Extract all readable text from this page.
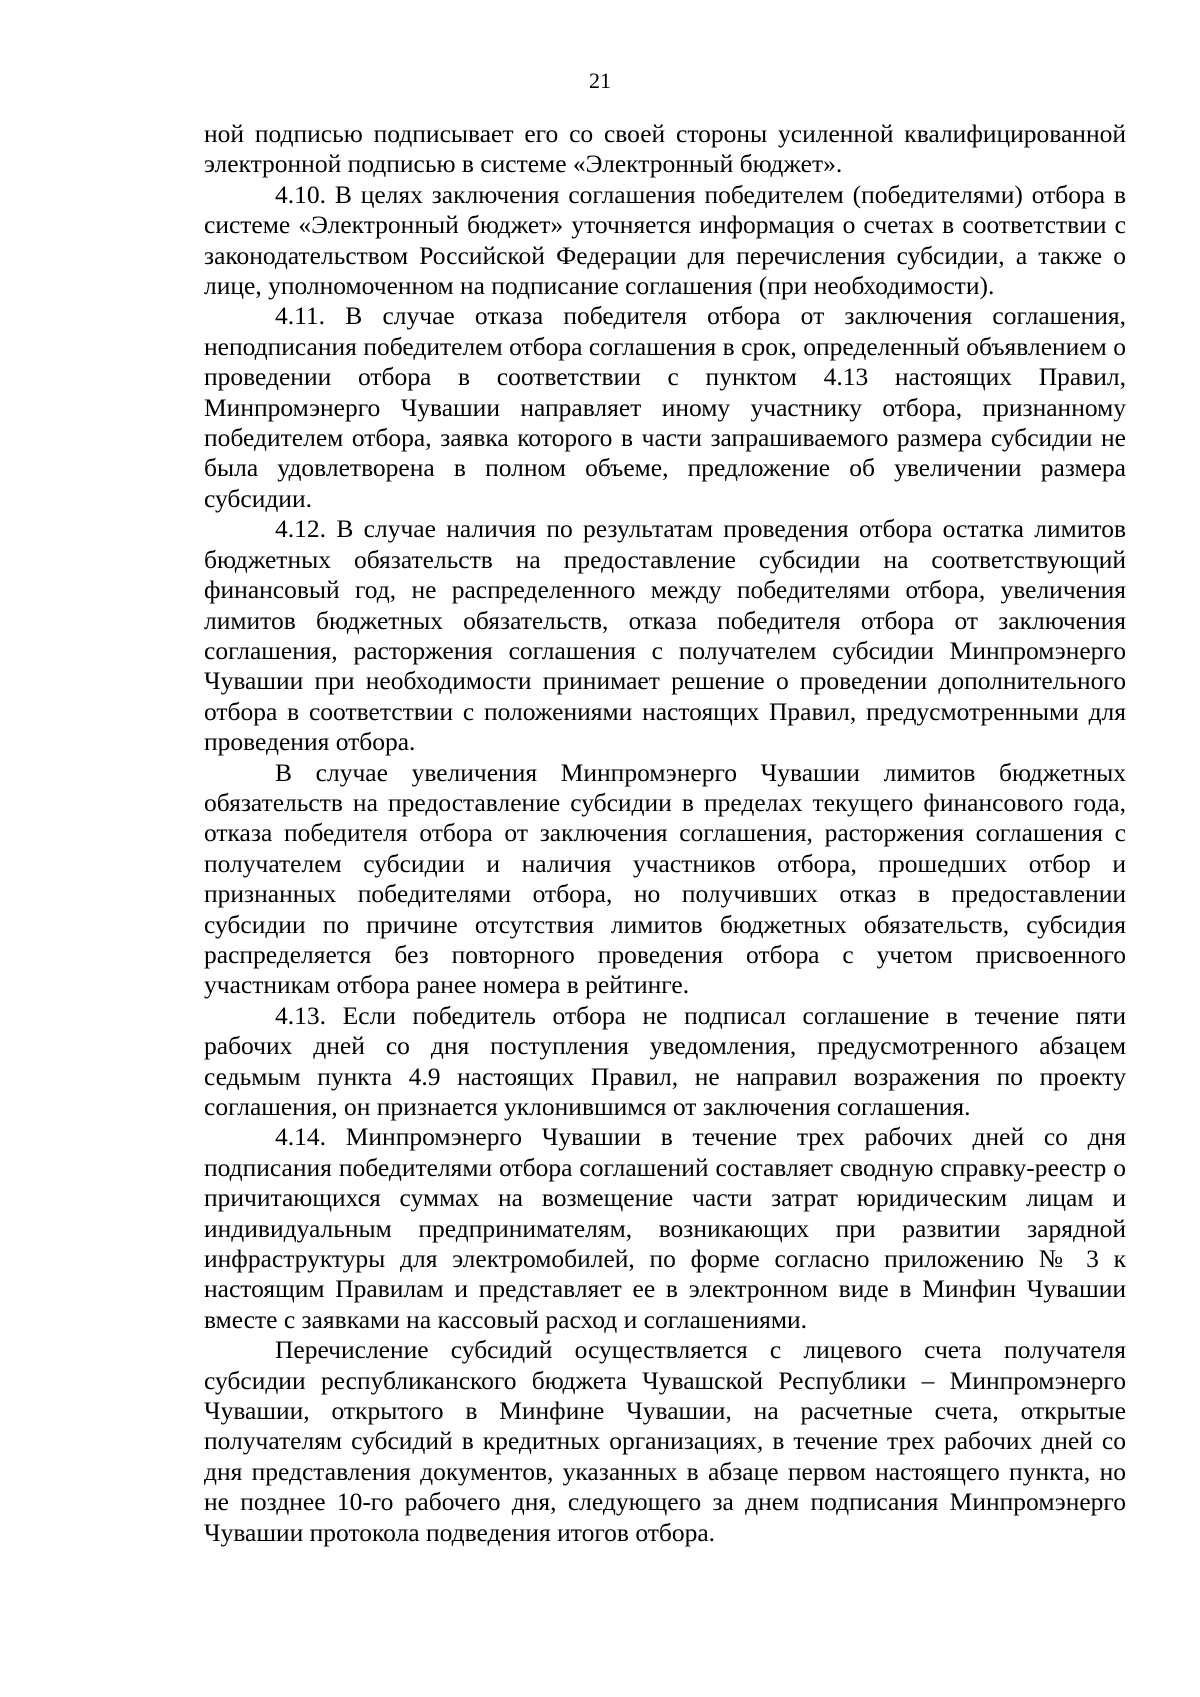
21

ной подписью подписывает его со своей стороны усиленной квалифицированной электронной подписью в системе «Электронный бюджет».

4.10. В целях заключения соглашения победителем (победителями) отбора в системе «Электронный бюджет» уточняется информация о счетах в соответствии с законодательством Российской Федерации для перечисления субсидии, а также о лице, уполномоченном на подписание соглашения (при необходимости).

4.11. В случае отказа победителя отбора от заключения соглашения, неподписания победителем отбора соглашения в срок, определенный объявлением о проведении отбора в соответствии с пунктом 4.13 настоящих Правил, Минпромэнерго Чувашии направляет иному участнику отбора, признанному победителем отбора, заявка которого в части запрашиваемого размера субсидии не была удовлетворена в полном объеме, предложение об увеличении размера субсидии.

4.12. В случае наличия по результатам проведения отбора остатка лимитов бюджетных обязательств на предоставление субсидии на соответствующий финансовый год, не распределенного между победителями отбора, увеличения лимитов бюджетных обязательств, отказа победителя отбора от заключения соглашения, расторжения соглашения с получателем субсидии Минпромэнерго Чувашии при необходимости принимает решение о проведении дополнительного отбора в соответствии с положениями настоящих Правил, предусмотренными для проведения отбора.

В случае увеличения Минпромэнерго Чувашии лимитов бюджетных обязательств на предоставление субсидии в пределах текущего финансового года, отказа победителя отбора от заключения соглашения, расторжения соглашения с получателем субсидии и наличия участников отбора, прошедших отбор и признанных победителями отбора, но получивших отказ в предоставлении субсидии по причине отсутствия лимитов бюджетных обязательств, субсидия распределяется без повторного проведения отбора с учетом присвоенного участникам отбора ранее номера в рейтинге.

4.13. Если победитель отбора не подписал соглашение в течение пяти рабочих дней со дня поступления уведомления, предусмотренного абзацем седьмым пункта 4.9 настоящих Правил, не направил возражения по проекту соглашения, он признается уклонившимся от заключения соглашения.

4.14. Минпромэнерго Чувашии в течение трех рабочих дней со дня подписания победителями отбора соглашений составляет сводную справку-реестр о причитающихся суммах на возмещение части затрат юридическим лицам и индивидуальным предпринимателям, возникающих при развитии зарядной инфраструктуры для электромобилей, по форме согласно приложению № 3 к настоящим Правилам и представляет ее в электронном виде в Минфин Чувашии вместе с заявками на кассовый расход и соглашениями.

Перечисление субсидий осуществляется с лицевого счета получателя субсидии республиканского бюджета Чувашской Республики – Минпромэнерго Чувашии, открытого в Минфине Чувашии, на расчетные счета, открытые получателям субсидий в кредитных организациях, в течение трех рабочих дней со дня представления документов, указанных в абзаце первом настоящего пункта, но не позднее 10-го рабочего дня, следующего за днем подписания Минпромэнерго Чувашии протокола подведения итогов отбора.
